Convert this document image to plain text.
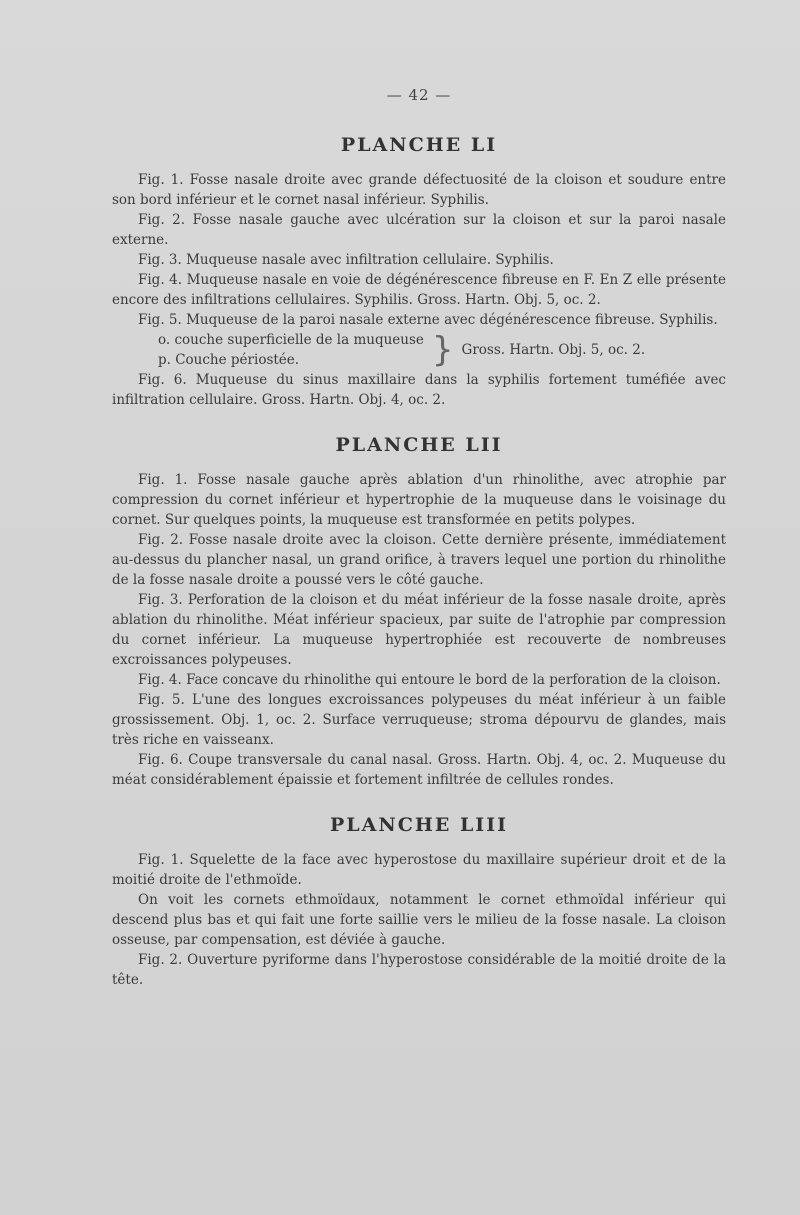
— 42 —

PLANCHE LI

Fig. 1. Fosse nasale droite avec grande défectuosité de la cloison et soudure entre son bord inférieur et le cornet nasal inférieur. Syphilis.

Fig. 2. Fosse nasale gauche avec ulcération sur la cloison et sur la paroi nasale externe.

Fig. 3. Muqueuse nasale avec infiltration cellulaire. Syphilis.

Fig. 4. Muqueuse nasale en voie de dégénérescence fibreuse en F. En Z elle présente encore des infiltrations cellulaires. Syphilis. Gross. Hartn. Obj. 5, oc. 2.

Fig. 5. Muqueuse de la paroi nasale externe avec dégénérescence fibreuse. Syphilis.

o. couche superficielle de la muqueuse
p. Couche périostée.	} Gross. Hartn. Obj. 5, oc. 2.

Fig. 6. Muqueuse du sinus maxillaire dans la syphilis fortement tuméfiée avec infiltration cellulaire. Gross. Hartn. Obj. 4, oc. 2.

PLANCHE LII

Fig. 1. Fosse nasale gauche après ablation d'un rhinolithe, avec atrophie par compression du cornet inférieur et hypertrophie de la muqueuse dans le voisinage du cornet. Sur quelques points, la muqueuse est transformée en petits polypes.

Fig. 2. Fosse nasale droite avec la cloison. Cette dernière présente, immédiatement au-dessus du plancher nasal, un grand orifice, à travers lequel une portion du rhinolithe de la fosse nasale droite a poussé vers le côté gauche.

Fig. 3. Perforation de la cloison et du méat inférieur de la fosse nasale droite, après ablation du rhinolithe. Méat inférieur spacieux, par suite de l'atrophie par compression du cornet inférieur. La muqueuse hypertrophiée est recouverte de nombreuses excroissances polypeuses.

Fig. 4. Face concave du rhinolithe qui entoure le bord de la perforation de la cloison.

Fig. 5. L'une des longues excroissances polypeuses du méat inférieur à un faible grossissement. Obj. 1, oc. 2. Surface verruqueuse; stroma dépourvu de glandes, mais très riche en vaisseanx.

Fig. 6. Coupe transversale du canal nasal. Gross. Hartn. Obj. 4, oc. 2. Muqueuse du méat considérablement épaissie et fortement infiltrée de cellules rondes.

PLANCHE LIII

Fig. 1. Squelette de la face avec hyperostose du maxillaire supérieur droit et de la moitié droite de l'ethmoïde.

On voit les cornets ethmoïdaux, notamment le cornet ethmoïdal inférieur qui descend plus bas et qui fait une forte saillie vers le milieu de la fosse nasale. La cloison osseuse, par compensation, est déviée à gauche.

Fig. 2. Ouverture pyriforme dans l'hyperostose considérable de la moitié droite de la tête.
